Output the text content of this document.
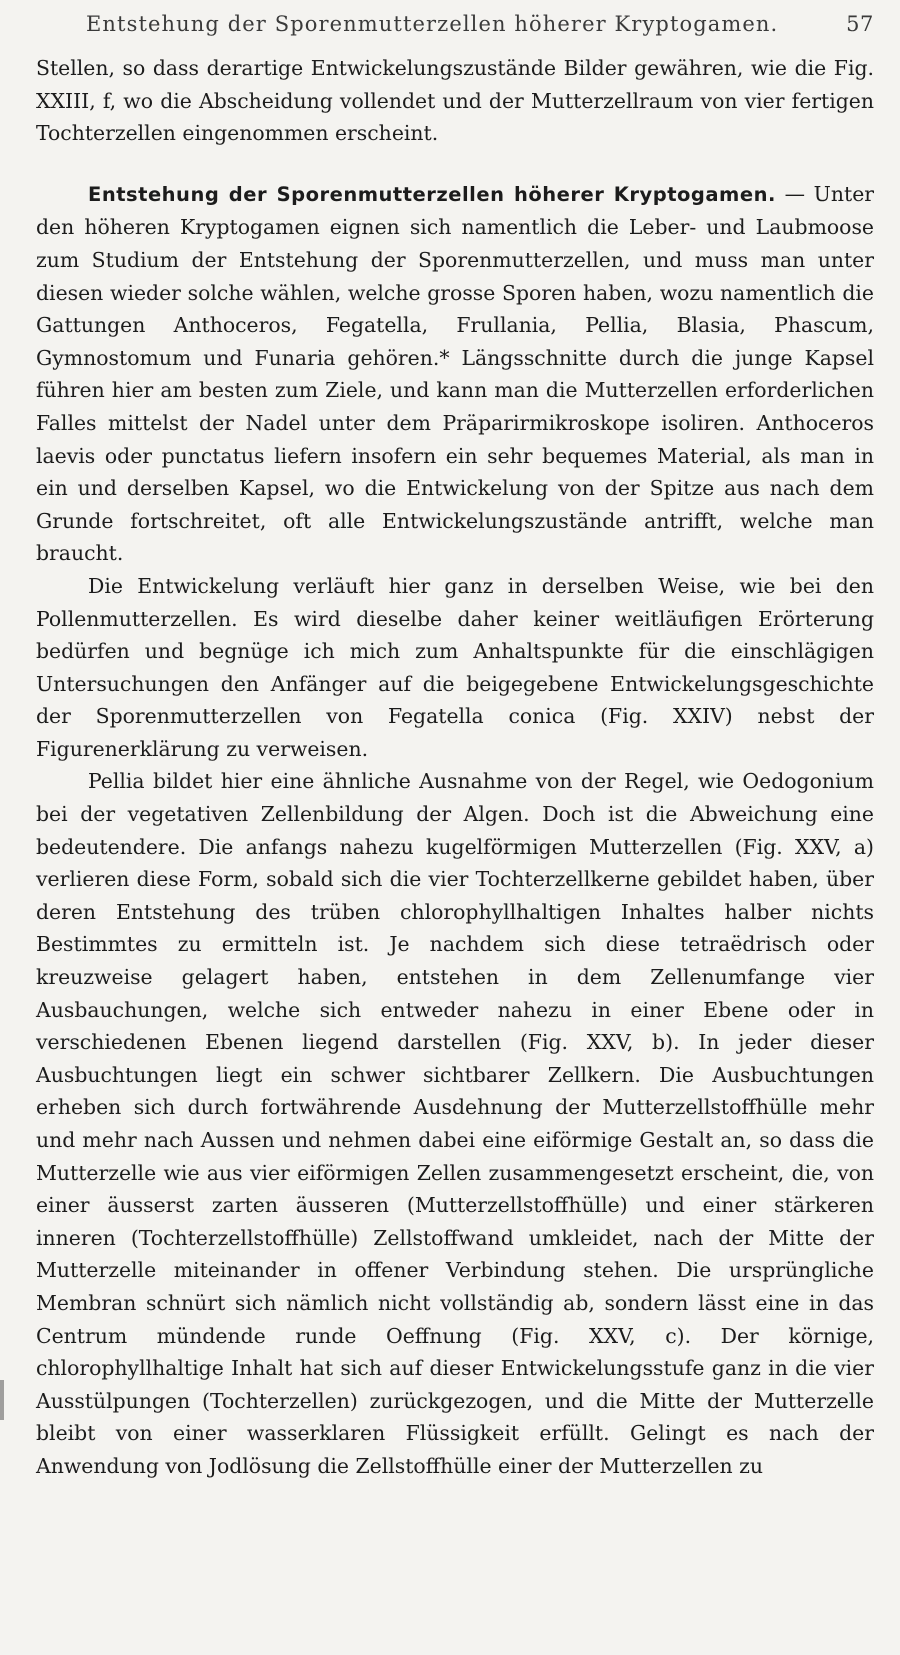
Entstehung der Sporenmutterzellen höherer Kryptogamen.	57

Stellen, so dass derartige Entwickelungszustände Bilder gewähren, wie die Fig. XXIII, f, wo die Abscheidung vollendet und der Mutterzellraum von vier fertigen Tochterzellen eingenommen erscheint.

Entstehung der Sporenmutterzellen höherer Kryptogamen. — Unter den höheren Kryptogamen eignen sich namentlich die Leber- und Laubmoose zum Studium der Entstehung der Sporenmutterzellen, und muss man unter diesen wieder solche wählen, welche grosse Sporen haben, wozu namentlich die Gattungen Anthoceros, Fegatella, Frullania, Pellia, Blasia, Phascum, Gymnostomum und Funaria gehören.* Längsschnitte durch die junge Kapsel führen hier am besten zum Ziele, und kann man die Mutterzellen erforderlichen Falles mittelst der Nadel unter dem Präparirmikroskope isoliren. Anthoceros laevis oder punctatus liefern insofern ein sehr bequemes Material, als man in ein und derselben Kapsel, wo die Entwickelung von der Spitze aus nach dem Grunde fortschreitet, oft alle Entwickelungszustände antrifft, welche man braucht.

Die Entwickelung verläuft hier ganz in derselben Weise, wie bei den Pollenmutterzellen. Es wird dieselbe daher keiner weitläufigen Erörterung bedürfen und begnüge ich mich zum Anhaltspunkte für die einschlägigen Untersuchungen den Anfänger auf die beigegebene Entwickelungsgeschichte der Sporenmutterzellen von Fegatella conica (Fig. XXIV) nebst der Figurenerklärung zu verweisen.

Pellia bildet hier eine ähnliche Ausnahme von der Regel, wie Oedogonium bei der vegetativen Zellenbildung der Algen. Doch ist die Abweichung eine bedeutendere. Die anfangs nahezu kugelförmigen Mutterzellen (Fig. XXV, a) verlieren diese Form, sobald sich die vier Tochterzellkerne gebildet haben, über deren Entstehung des trüben chlorophyllhaltigen Inhaltes halber nichts Bestimmtes zu ermitteln ist. Je nachdem sich diese tetraëdrisch oder kreuzweise gelagert haben, entstehen in dem Zellenumfange vier Ausbauchungen, welche sich entweder nahezu in einer Ebene oder in verschiedenen Ebenen liegend darstellen (Fig. XXV, b). In jeder dieser Ausbuchtungen liegt ein schwer sichtbarer Zellkern. Die Ausbuchtungen erheben sich durch fortwährende Ausdehnung der Mutterzellstoffhülle mehr und mehr nach Aussen und nehmen dabei eine eiförmige Gestalt an, so dass die Mutterzelle wie aus vier eiförmigen Zellen zusammengesetzt erscheint, die, von einer äusserst zarten äusseren (Mutterzellstoffhülle) und einer stärkeren inneren (Tochterzellstoffhülle) Zellstoffwand umkleidet, nach der Mitte der Mutterzelle miteinander in offener Verbindung stehen. Die ursprüngliche Membran schnürt sich nämlich nicht vollständig ab, sondern lässt eine in das Centrum mündende runde Oeffnung (Fig. XXV, c). Der körnige, chlorophyllhaltige Inhalt hat sich auf dieser Entwickelungsstufe ganz in die vier Ausstülpungen (Tochterzellen) zurückgezogen, und die Mitte der Mutterzelle bleibt von einer wasserklaren Flüssigkeit erfüllt. Gelingt es nach der Anwendung von Jodlösung die Zellstoffhülle einer der Mutterzellen zu
